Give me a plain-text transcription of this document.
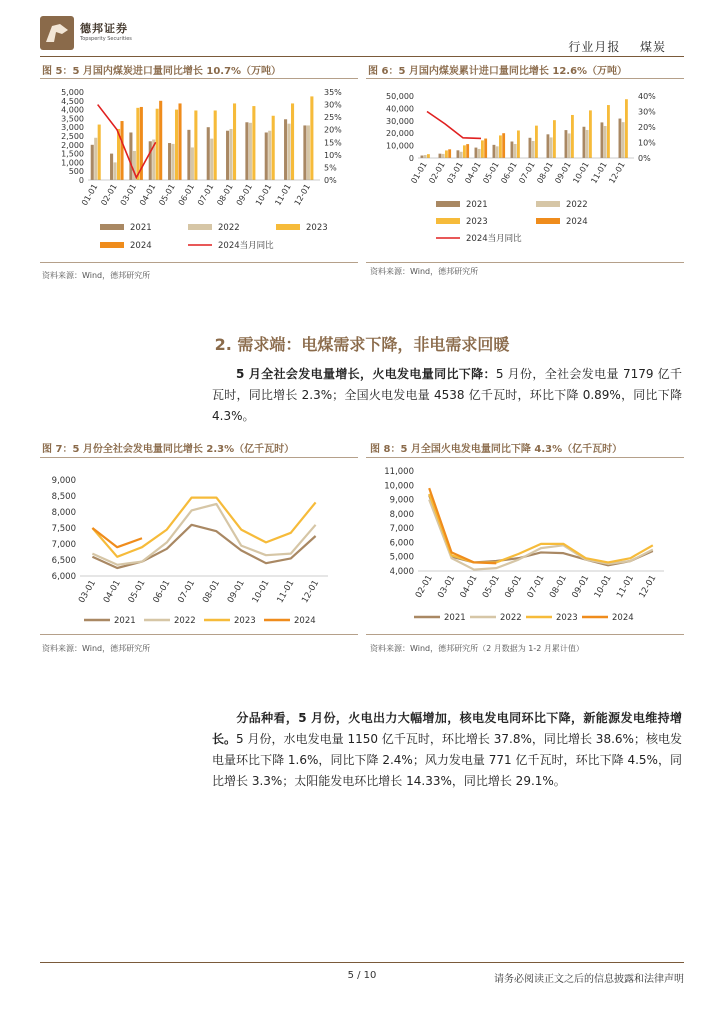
德邦证券
Topsperity Securities
行业月报 煤炭
图 5：5 月国内煤炭进口量同比增长 10.7%（万吨）
0
500
1,000
1,500
2,000
2,500
3,000
3,500
4,000
4,500
5,000
0%
5%
10%
15%
20%
25%
30%
35%
01-01 02-01 03-01 04-01 05-01 06-01 07-01 08-01 09-01 10-01 11-01 12-01
2021	2022	2023
2024	2024当月同比
资料来源：Wind，德邦研究所
图 6：5 月国内煤炭累计进口量同比增长 12.6%（万吨）
0
10,000
20,000
30,000
40,000
50,000
0%
10%
20%
30%
40%
01-01
02-01
03-01
04-01
05-01
06-01
07-01
08-01
09-01
10-01
11-01
12-01
2021	2022
2023	2024
2024当月同比
资料来源：Wind，德邦研究所
2. 需求端：电煤需求下降，非电需求回暖
5 月全社会发电量增长，火电发电量同比下降：5 月份，全社会发电量 7179 亿千瓦时，同比增长 2.3%；全国火电发电量 4538 亿千瓦时，环比下降 0.89%，同比下降 4.3%。
图 7：5 月份全社会发电量同比增长 2.3%（亿千瓦时）
6,000
6,500
7,000
7,500
8,000
8,500
9,000
03-01 04-01 05-01 06-01 07-01 08-01 09-01 10-01 11-01 12-01
2021	2022	2023	2024
资料来源：Wind，德邦研究所
图 8：5 月全国火电发电量同比下降 4.3%（亿千瓦时）
4,000
5,000
6,000
7,000
8,000
9,000
10,000
11,000
02-01 03-01 04-01 05-01 06-01 07-01 08-01 09-01 10-01 11-01 12-01
2021	2022	2023	2024
资料来源：Wind，德邦研究所（2 月数据为 1-2 月累计值）
分品种看，5 月份，火电出力大幅增加，核电发电同环比下降，新能源发电维持增长。5 月份，水电发电量 1150 亿千瓦时，环比增长 37.8%，同比增长 38.6%；核电发电量环比下降 1.6%，同比下降 2.4%；风力发电量 771 亿千瓦时，环比下降 4.5%，同比增长 3.3%；太阳能发电环比增长 14.33%，同比增长 29.1%。
5 / 10	请务必阅读正文之后的信息披露和法律声明
